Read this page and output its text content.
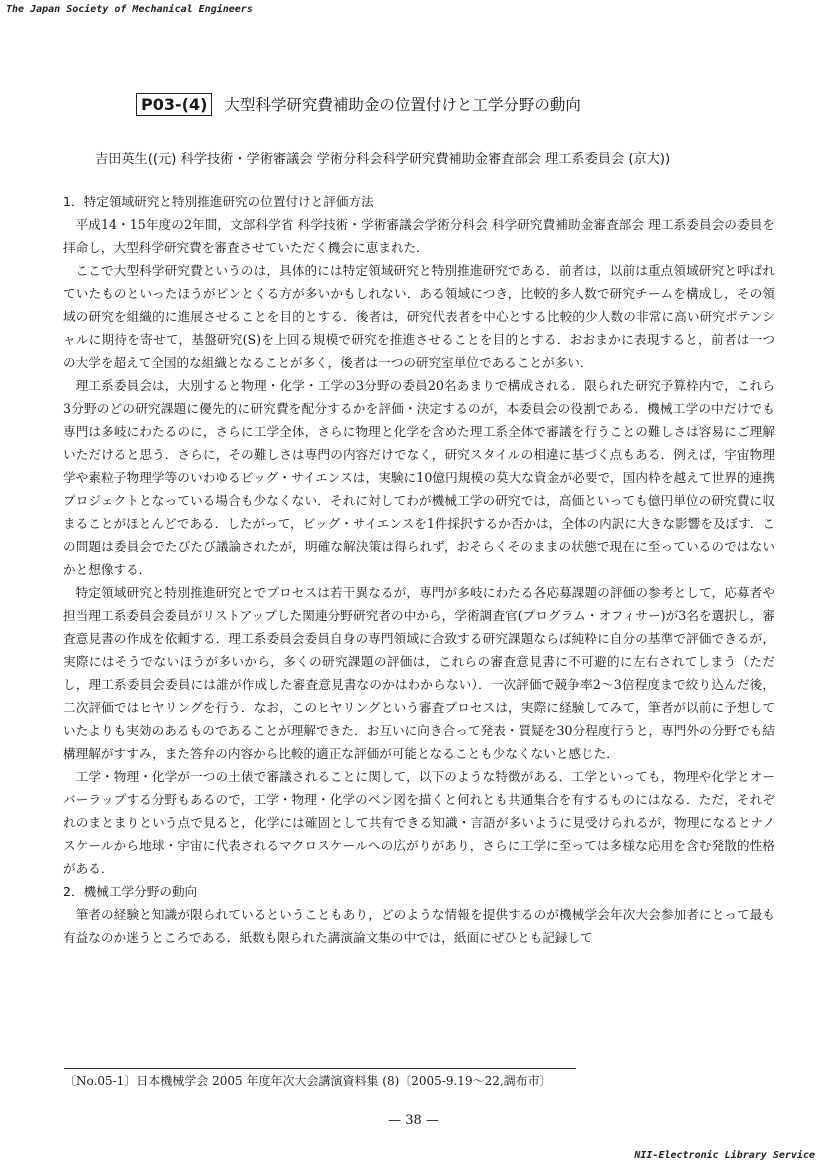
The Japan Society of Mechanical Engineers
P03-(4)	大型科学研究費補助金の位置付けと工学分野の動向
吉田英生((元) 科学技術・学術審議会 学術分科会科学研究費補助金審査部会 理工系委員会 (京大))
1．特定領域研究と特別推進研究の位置付けと評価方法

平成14・15年度の2年間，文部科学省 科学技術・学術審議会学術分科会 科学研究費補助金審査部会 理工系委員会の委員を拝命し，大型科学研究費を審査させていただく機会に恵まれた．

ここで大型科学研究費というのは，具体的には特定領域研究と特別推進研究である．前者は，以前は重点領域研究と呼ばれていたものといったほうがピンとくる方が多いかもしれない．ある領域につき，比較的多人数で研究チームを構成し，その領域の研究を組織的に進展させることを目的とする．後者は，研究代表者を中心とする比較的少人数の非常に高い研究ポテンシャルに期待を寄せて，基盤研究(S)を上回る規模で研究を推進させることを目的とする．おおまかに表現すると，前者は一つの大学を超えて全国的な組織となることが多く，後者は一つの研究室単位であることが多い．

理工系委員会は，大別すると物理・化学・工学の3分野の委員20名あまりで構成される．限られた研究予算枠内で，これら3分野のどの研究課題に優先的に研究費を配分するかを評価・決定するのが，本委員会の役割である．機械工学の中だけでも専門は多岐にわたるのに，さらに工学全体，さらに物理と化学を含めた理工系全体で審議を行うことの難しさは容易にご理解いただけると思う．さらに，その難しさは専門の内容だけでなく，研究スタイルの相違に基づく点もある．例えば，宇宙物理学や素粒子物理学等のいわゆるビッグ・サイエンスは，実験に10億円規模の莫大な資金が必要で，国内枠を越えて世界的連携プロジェクトとなっている場合も少なくない．それに対してわが機械工学の研究では，高価といっても億円単位の研究費に収まることがほとんどである．したがって，ビッグ・サイエンスを1件採択するか否かは，全体の内訳に大きな影響を及ぼす．この問題は委員会でたびたび議論されたが，明確な解決策は得られず，おそらくそのままの状態で現在に至っているのではないかと想像する．

特定領域研究と特別推進研究とでプロセスは若干異なるが，専門が多岐にわたる各応募課題の評価の参考として，応募者や担当理工系委員会委員がリストアップした関連分野研究者の中から，学術調査官(プログラム・オフィサー)が3名を選択し，審査意見書の作成を依頼する．理工系委員会委員自身の専門領域に合致する研究課題ならば純粋に自分の基準で評価できるが，実際にはそうでないほうが多いから，多くの研究課題の評価は，これらの審査意見書に不可避的に左右されてしまう（ただし，理工系委員会委員には誰が作成した審査意見書なのかはわからない）．一次評価で競争率2〜3倍程度まで絞り込んだ後，二次評価ではヒヤリングを行う．なお，このヒヤリングという審査プロセスは，実際に経験してみて，筆者が以前に予想していたよりも実効のあるものであることが理解できた．お互いに向き合って発表・質疑を30分程度行うと，専門外の分野でも結構理解がすすみ，また答弁の内容から比較的適正な評価が可能となることも少なくないと感じた．

工学・物理・化学が一つの土俵で審議されることに関して，以下のような特徴がある．工学といっても，物理や化学とオーバーラップする分野もあるので，工学・物理・化学のベン図を描くと何れとも共通集合を有するものにはなる．ただ，それぞれのまとまりという点で見ると，化学には確固として共有できる知識・言語が多いように見受けられるが，物理になるとナノスケールから地球・宇宙に代表されるマクロスケールへの広がりがあり，さらに工学に至っては多様な応用を含む発散的性格がある．

2．機械工学分野の動向

筆者の経験と知識が限られているということもあり，どのような情報を提供するのが機械学会年次大会参加者にとって最も有益なのか迷うところである．紙数も限られた講演論文集の中では，紙面にぜひとも記録して

〔No.05-1〕日本機械学会 2005 年度年次大会講演資料集 (8)〔2005-9.19〜22,調布市〕
— 38 —
NII-Electronic Library Service
